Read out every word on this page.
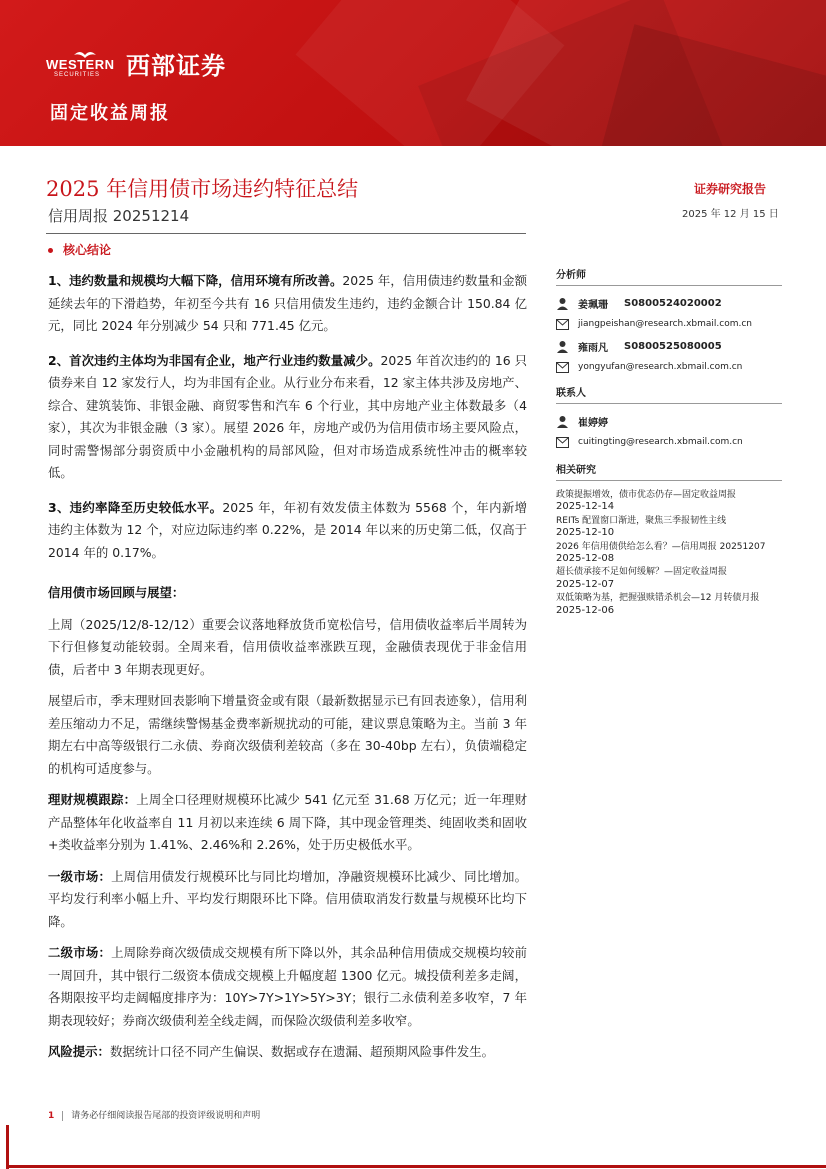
WESTERN
SECURITIES 西部证券
固定收益周报
2025 年信用债市场违约特征总结
信用周报 20251214
证券研究报告
2025 年 12 月 15 日
核心结论

1、违约数量和规模均大幅下降，信用环境有所改善。2025 年，信用债违约数量和金额延续去年的下滑趋势，年初至今共有 16 只信用债发生违约，违约金额合计 150.84 亿元，同比 2024 年分别减少 54 只和 771.45 亿元。

2、首次违约主体均为非国有企业，地产行业违约数量减少。2025 年首次违约的 16 只债券来自 12 家发行人，均为非国有企业。从行业分布来看，12 家主体共涉及房地产、综合、建筑装饰、非银金融、商贸零售和汽车 6 个行业，其中房地产业主体数最多（4 家），其次为非银金融（3 家）。展望 2026 年，房地产或仍为信用债市场主要风险点，同时需警惕部分弱资质中小金融机构的局部风险，但对市场造成系统性冲击的概率较低。

3、违约率降至历史较低水平。2025 年，年初有效发债主体数为 5568 个，年内新增违约主体数为 12 个，对应边际违约率 0.22%，是 2014 年以来的历史第二低，仅高于 2014 年的 0.17%。

信用债市场回顾与展望：

上周（2025/12/8-12/12）重要会议落地释放货币宽松信号，信用债收益率后半周转为下行但修复动能较弱。全周来看，信用债收益率涨跌互现，金融债表现优于非金信用债，后者中 3 年期表现更好。

展望后市，季末理财回表影响下增量资金或有限（最新数据显示已有回表迹象），信用利差压缩动力不足，需继续警惕基金费率新规扰动的可能，建议票息策略为主。当前 3 年期左右中高等级银行二永债、券商次级债利差较高（多在 30-40bp 左右），负债端稳定的机构可适度参与。

理财规模跟踪：上周全口径理财规模环比减少 541 亿元至 31.68 万亿元；近一年理财产品整体年化收益率自 11 月初以来连续 6 周下降，其中现金管理类、纯固收类和固收+类收益率分别为 1.41%、2.46%和 2.26%，处于历史极低水平。

一级市场：上周信用债发行规模环比与同比均增加，净融资规模环比减少、同比增加。平均发行利率小幅上升、平均发行期限环比下降。信用债取消发行数量与规模环比均下降。

二级市场：上周除券商次级债成交规模有所下降以外，其余品种信用债成交规模均较前一周回升，其中银行二级资本债成交规模上升幅度超 1300 亿元。城投债利差多走阔，各期限按平均走阔幅度排序为：10Y>7Y>1Y>5Y>3Y；银行二永债利差多收窄，7 年期表现较好；券商次级债利差全线走阔，而保险次级债利差多收窄。

风险提示：数据统计口径不同产生偏误、数据或存在遗漏、超预期风险事件发生。

分析师
姜珮珊 S0800524020002
jiangpeishan@research.xbmail.com.cn
雍雨凡 S0800525080005
yongyufan@research.xbmail.com.cn
联系人
崔婷婷
cuitingting@research.xbmail.com.cn
相关研究
政策提振增效，债市优态仍存—固定收益周报
2025-12-14
REITs 配置窗口渐进，聚焦三季报韧性主线
2025-12-10
2026 年信用债供给怎么看？—信用周报 20251207
2025-12-08
超长债承接不足如何缓解？—固定收益周报
2025-12-07
双低策略为基，把握强赎错杀机会—12 月转债月报
2025-12-06
1 请务必仔细阅读报告尾部的投资评级说明和声明
